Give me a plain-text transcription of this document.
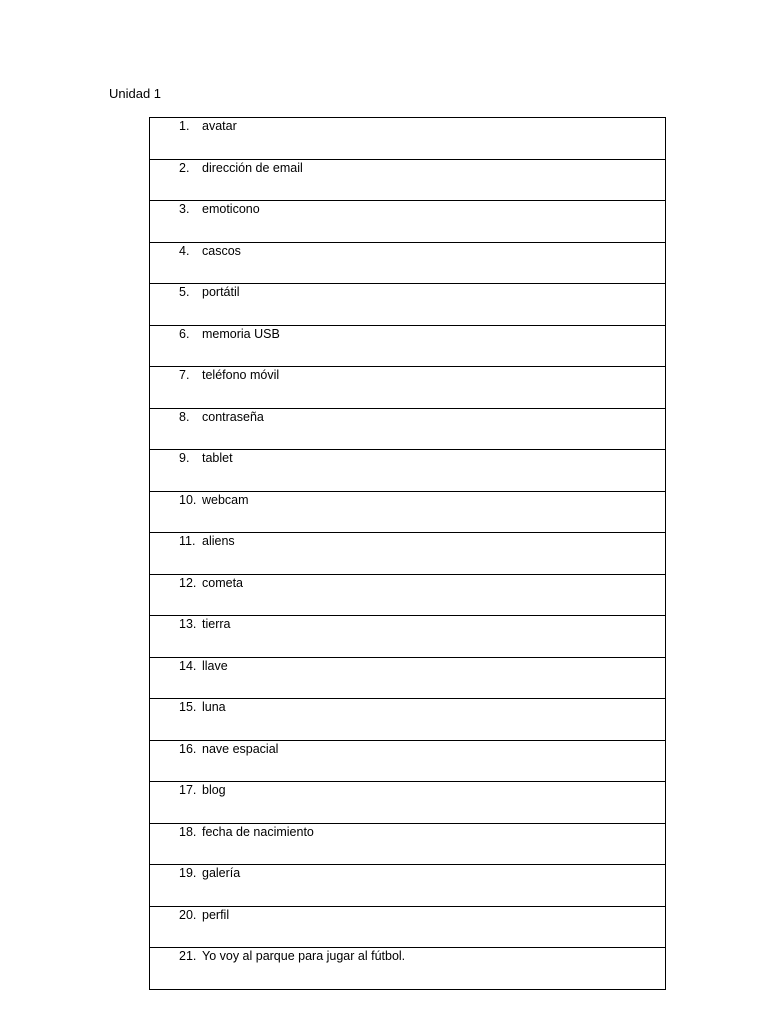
Unidad 1
1.	avatar

2.	dirección de email

3.	emoticono

4.	cascos

5.	portátil

6.	memoria USB

7.	teléfono móvil

8.	contraseña

9.	tablet

10. webcam

11. aliens

12. cometa

13. tierra

14. llave

15. luna

16. nave espacial

17. blog

18. fecha de nacimiento

19. galería

20. perfil

21. Yo voy al parque para jugar al fútbol.
